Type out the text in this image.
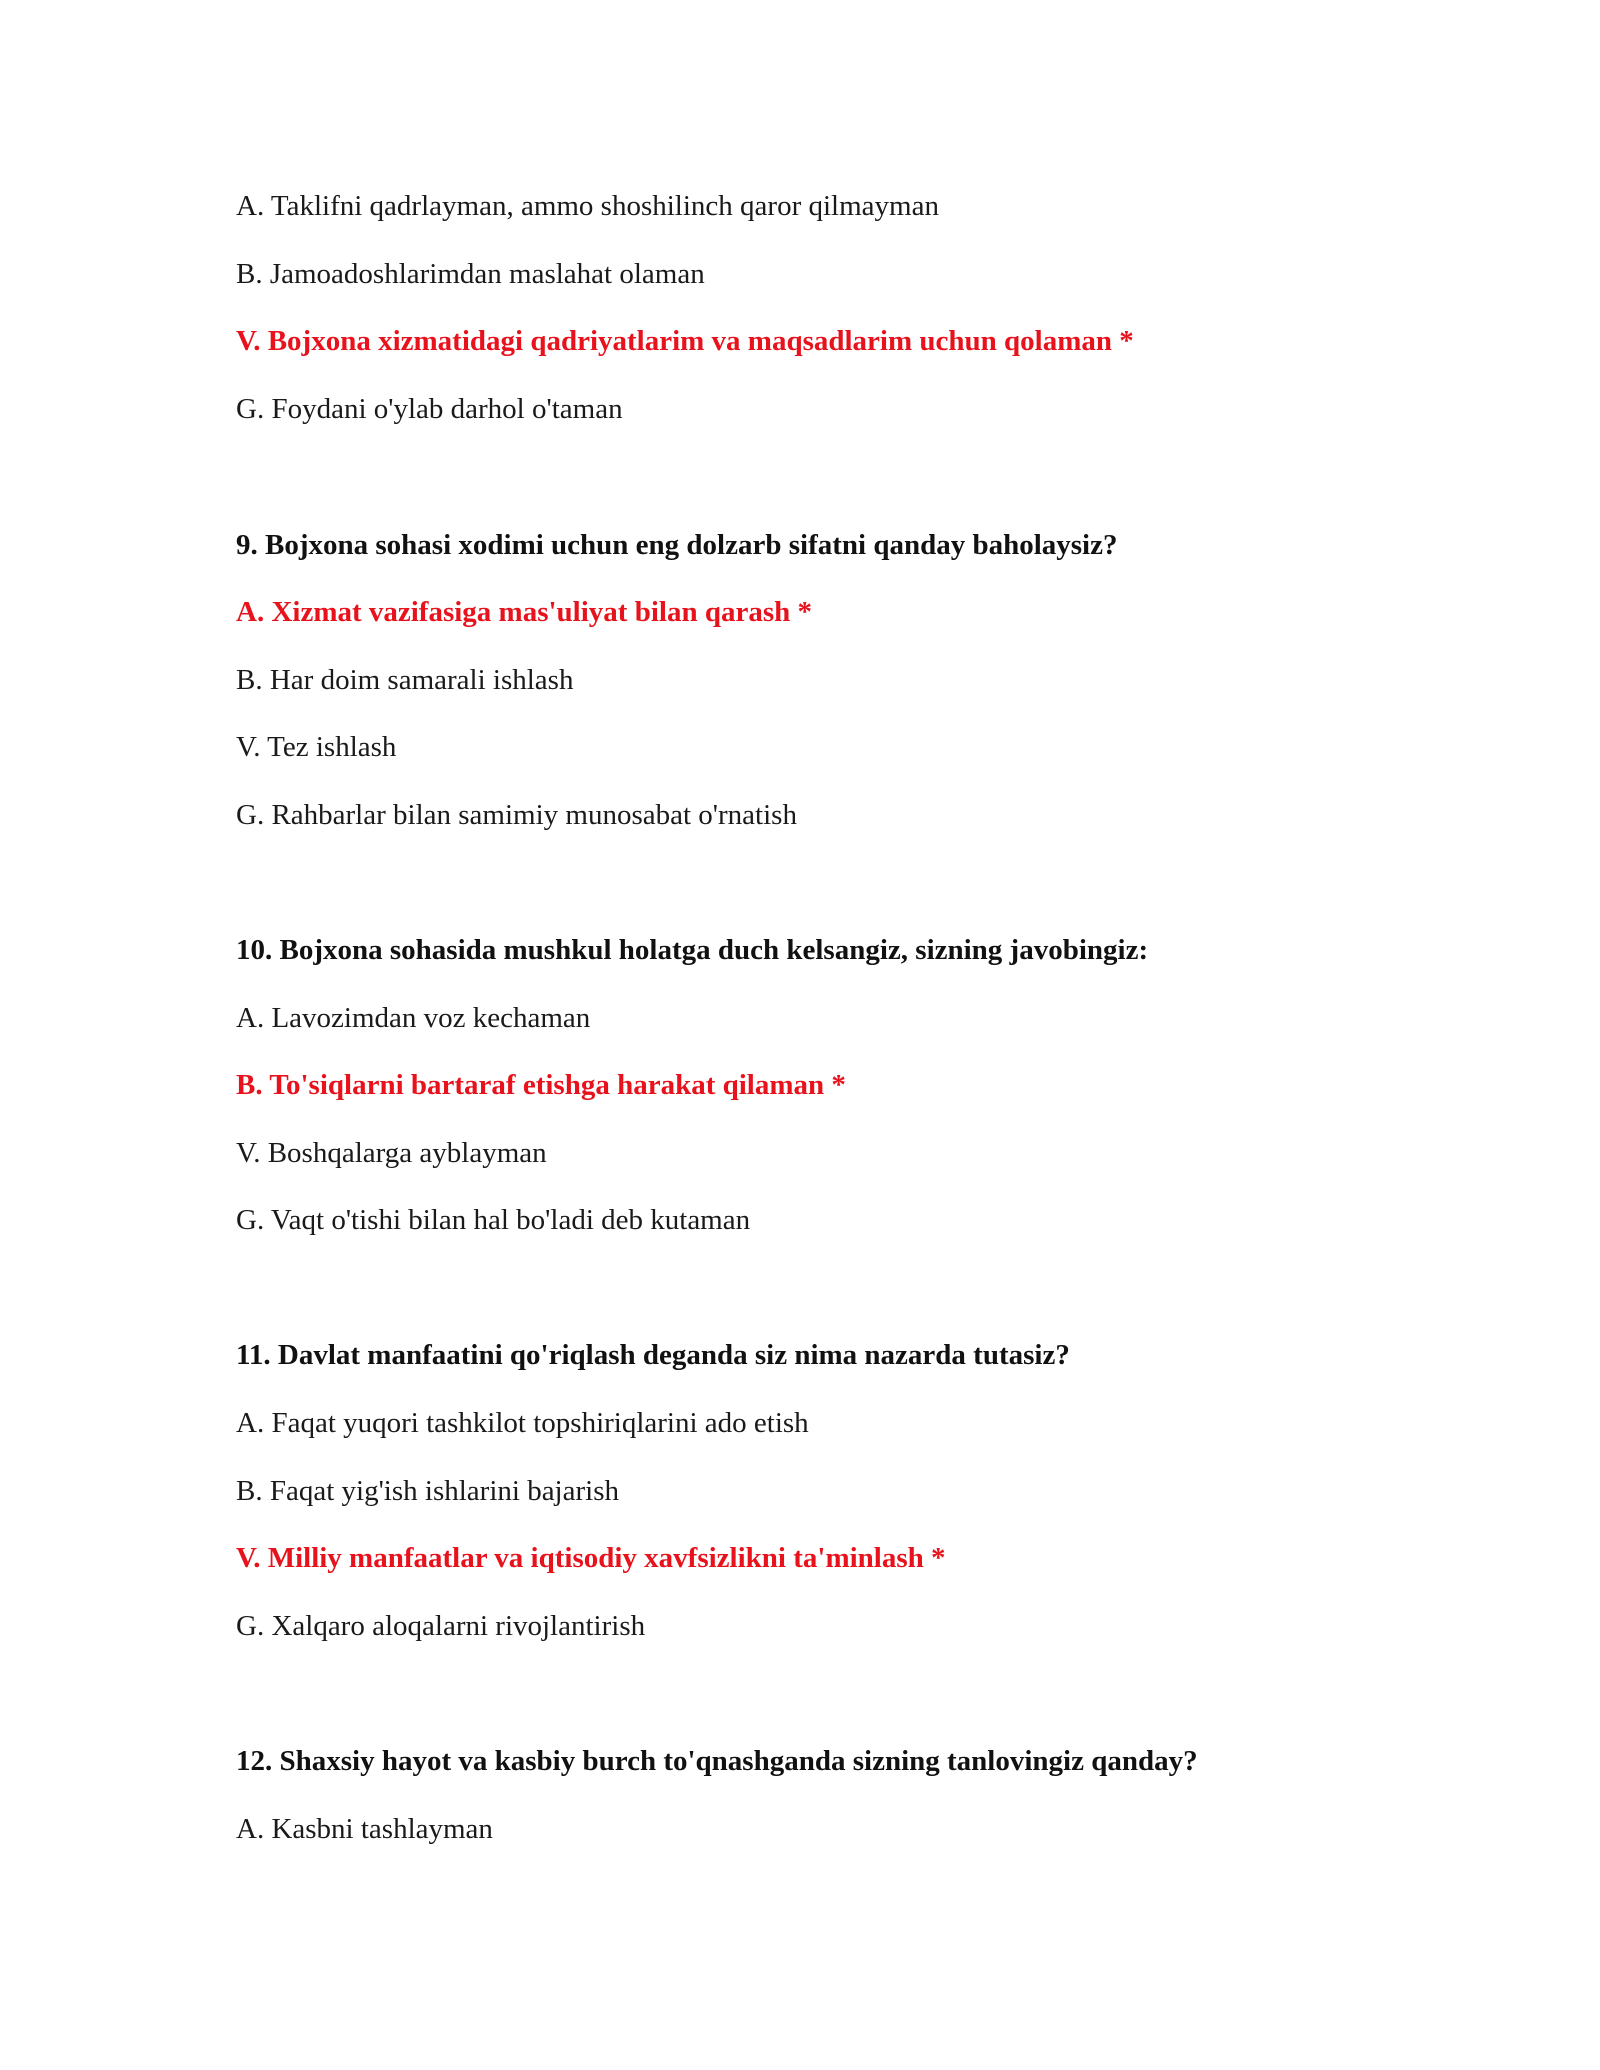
A. Taklifni qadrlayman, ammo shoshilinch qaror qilmayman
B. Jamoadoshlarimdan maslahat olaman
V. Bojxona xizmatidagi qadriyatlarim va maqsadlarim uchun qolaman *
G. Foydani o'ylab darhol o'taman
9. Bojxona sohasi xodimi uchun eng dolzarb sifatni qanday baholaysiz?
A. Xizmat vazifasiga mas'uliyat bilan qarash *
B. Har doim samarali ishlash
V. Tez ishlash
G. Rahbarlar bilan samimiy munosabat o'rnatish
10. Bojxona sohasida mushkul holatga duch kelsangiz, sizning javobingiz:
A. Lavozimdan voz kechaman
B. To'siqlarni bartaraf etishga harakat qilaman *
V. Boshqalarga ayblayman
G. Vaqt o'tishi bilan hal bo'ladi deb kutaman
11. Davlat manfaatini qo'riqlash deganda siz nima nazarda tutasiz?
A. Faqat yuqori tashkilot topshiriqlarini ado etish
B. Faqat yig'ish ishlarini bajarish
V. Milliy manfaatlar va iqtisodiy xavfsizlikni ta'minlash *
G. Xalqaro aloqalarni rivojlantirish
12. Shaxsiy hayot va kasbiy burch to'qnashganda sizning tanlovingiz qanday?
A. Kasbni tashlayman
